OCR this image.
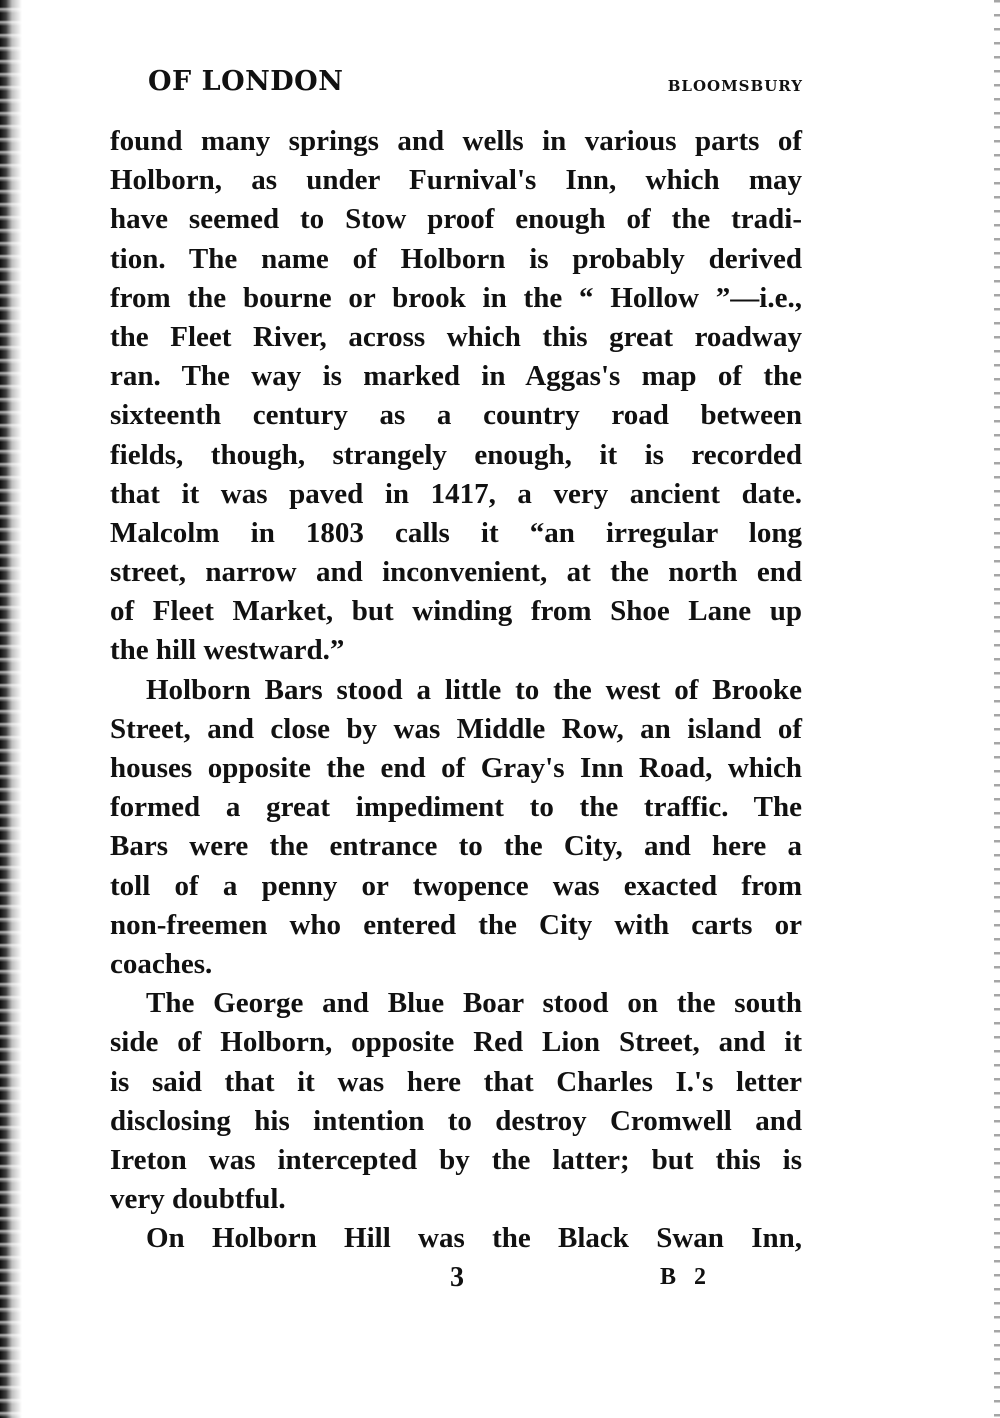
OF LONDON	BLOOMSBURY
found many springs and wells in various parts of
Holborn, as under Furnival's Inn, which may
have seemed to Stow proof enough of the tradi-
tion. The name of Holborn is probably derived
from the bourne or brook in the “ Hollow ”—i.e.,
the Fleet River, across which this great roadway
ran. The way is marked in Aggas's map of the
sixteenth century as a country road between
fields, though, strangely enough, it is recorded
that it was paved in 1417, a very ancient date.
Malcolm in 1803 calls it “an irregular long
street, narrow and inconvenient, at the north end
of Fleet Market, but winding from Shoe Lane up
the hill westward.”
Holborn Bars stood a little to the west of Brooke
Street, and close by was Middle Row, an island of
houses opposite the end of Gray's Inn Road, which
formed a great impediment to the traffic. The
Bars were the entrance to the City, and here a
toll of a penny or twopence was exacted from
non-freemen who entered the City with carts or
coaches.
The George and Blue Boar stood on the south
side of Holborn, opposite Red Lion Street, and it
is said that it was here that Charles I.'s letter
disclosing his intention to destroy Cromwell and
Ireton was intercepted by the latter; but this is
very doubtful.
On Holborn Hill was the Black Swan Inn,
3	B 2
